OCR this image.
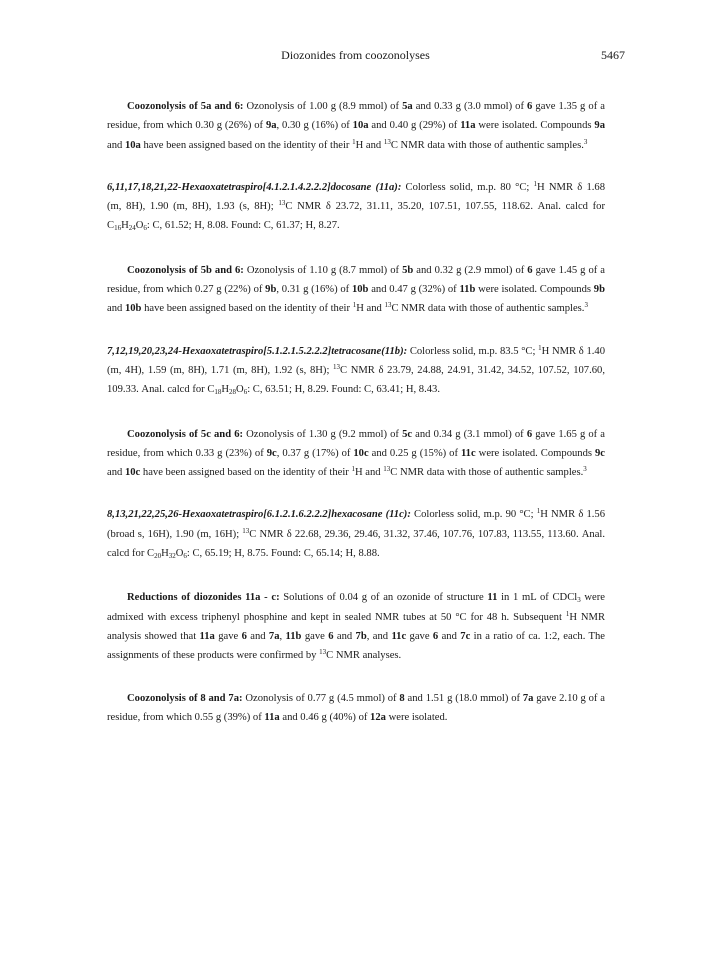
Diozonides from coozonolyses	5467

Coozonolysis of 5a and 6: Ozonolysis of 1.00 g (8.9 mmol) of 5a and 0.33 g (3.0 mmol) of 6 gave 1.35 g of a residue, from which 0.30 g (26%) of 9a, 0.30 g (16%) of 10a and 0.40 g (29%) of 11a were isolated. Compounds 9a and 10a have been assigned based on the identity of their $^1$H and $^{13}$C NMR data with those of authentic samples.$^3$

6,11,17,18,21,22-Hexaoxatetraspiro[4.1.2.1.4.2.2.2]docosane (11a): Colorless solid, m.p. 80 °C; $^1$H NMR δ 1.68 (m, 8H), 1.90 (m, 8H), 1.93 (s, 8H); $^{13}$C NMR δ 23.72, 31.11, 35.20, 107.51, 107.55, 118.62. Anal. calcd for $C_{16}H_{24}O_6$: C, 61.52; H, 8.08. Found: C, 61.37; H, 8.27.

Coozonolysis of 5b and 6: Ozonolysis of 1.10 g (8.7 mmol) of 5b and 0.32 g (2.9 mmol) of 6 gave 1.45 g of a residue, from which 0.27 g (22%) of 9b, 0.31 g (16%) of 10b and 0.47 g (32%) of 11b were isolated. Compounds 9b and 10b have been assigned based on the identity of their $^1$H and $^{13}$C NMR data with those of authentic samples.$^3$

7,12,19,20,23,24-Hexaoxatetraspiro[5.1.2.1.5.2.2.2]tetracosane(11b): Colorless solid, m.p. 83.5 °C; $^1$H NMR δ 1.40 (m, 4H), 1.59 (m, 8H), 1.71 (m, 8H), 1.92 (s, 8H); $^{13}$C NMR δ 23.79, 24.88, 24.91, 31.42, 34.52, 107.52, 107.60, 109.33. Anal. calcd for $C_{18}H_{28}O_6$: C, 63.51; H, 8.29. Found: C, 63.41; H, 8.43.

Coozonolysis of 5c and 6: Ozonolysis of 1.30 g (9.2 mmol) of 5c and 0.34 g (3.1 mmol) of 6 gave 1.65 g of a residue, from which 0.33 g (23%) of 9c, 0.37 g (17%) of 10c and 0.25 g (15%) of 11c were isolated. Compounds 9c and 10c have been assigned based on the identity of their $^1$H and $^{13}$C NMR data with those of authentic samples.$^3$

8,13,21,22,25,26-Hexaoxatetraspiro[6.1.2.1.6.2.2.2]hexacosane (11c): Colorless solid, m.p. 90 °C; $^1$H NMR δ 1.56 (broad s, 16H), 1.90 (m, 16H); $^{13}$C NMR δ 22.68, 29.36, 29.46, 31.32, 37.46, 107.76, 107.83, 113.55, 113.60. Anal. calcd for $C_{20}H_{32}O_6$: C, 65.19; H, 8.75. Found: C, 65.14; H, 8.88.

Reductions of diozonides 11a - c: Solutions of 0.04 g of an ozonide of structure 11 in 1 mL of CDCl$_3$ were admixed with excess triphenyl phosphine and kept in sealed NMR tubes at 50 °C for 48 h. Subsequent $^1$H NMR analysis showed that 11a gave 6 and 7a, 11b gave 6 and 7b, and 11c gave 6 and 7c in a ratio of ca. 1:2, each. The assignments of these products were confirmed by $^{13}$C NMR analyses.

Coozonolysis of 8 and 7a: Ozonolysis of 0.77 g (4.5 mmol) of 8 and 1.51 g (18.0 mmol) of 7a gave 2.10 g of a residue, from which 0.55 g (39%) of 11a and 0.46 g (40%) of 12a were isolated.
